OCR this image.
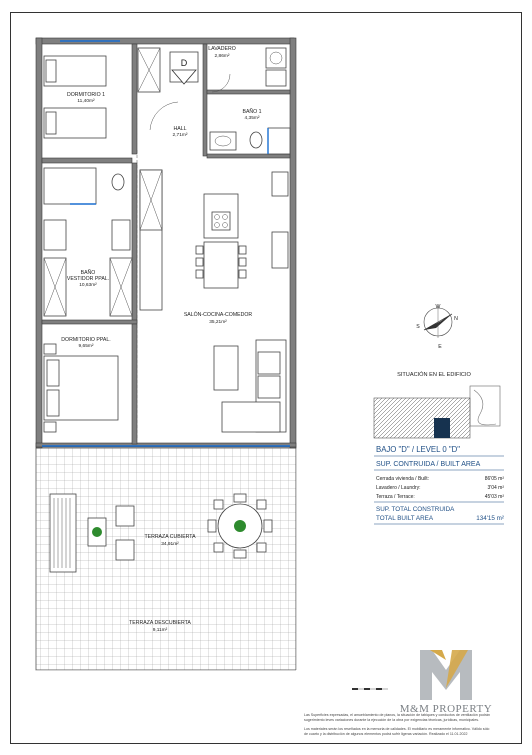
D
DORMITORIO 1
11,40m²
LAVADERO
2,86m²
BAÑO 1
4,35m²
HALL
2,71m²
BAÑO
VESTIDOR PPAL.
10,63m²
SALÓN-COCINA-COMEDOR
35,21m²
DORMITORIO PPAL.
9,65m²
TERRAZA CUBIERTA
34,91m²
TERRAZA DESCUBIERTA
9,11m²
W
N
S
E
SITUACIÓN EN EL EDIFICIO
BAJO "D" / LEVEL 0 "D"
SUP. CONTRUIDA / BUILT AREA
Cerrada vivienda / Built:	86'05 m²
Lavadero / Laundry:	3'04 m²
Terraza / Terrace:	45'03 m²
SUP. TOTAL CONSTRUIDA
TOTAL BUILT AREA	134'15 m²
M&M PROPERTY
Las Superficies expresadas, el amueblamiento de planos, la situación de tabiques y conductos de ventilación podrán
sugerimiento leves variaciones durante la ejecución de la obra por exigencias técnicas, jurídicas, municipales.
Los materiales serán los reseñados en la memoria de calidades. El mobiliario es meramente informativo. Válido sólo
de cuarto y la distribución de algunos elementos podrá sufrir ligeras variación. Realizado el 11.01.2022
